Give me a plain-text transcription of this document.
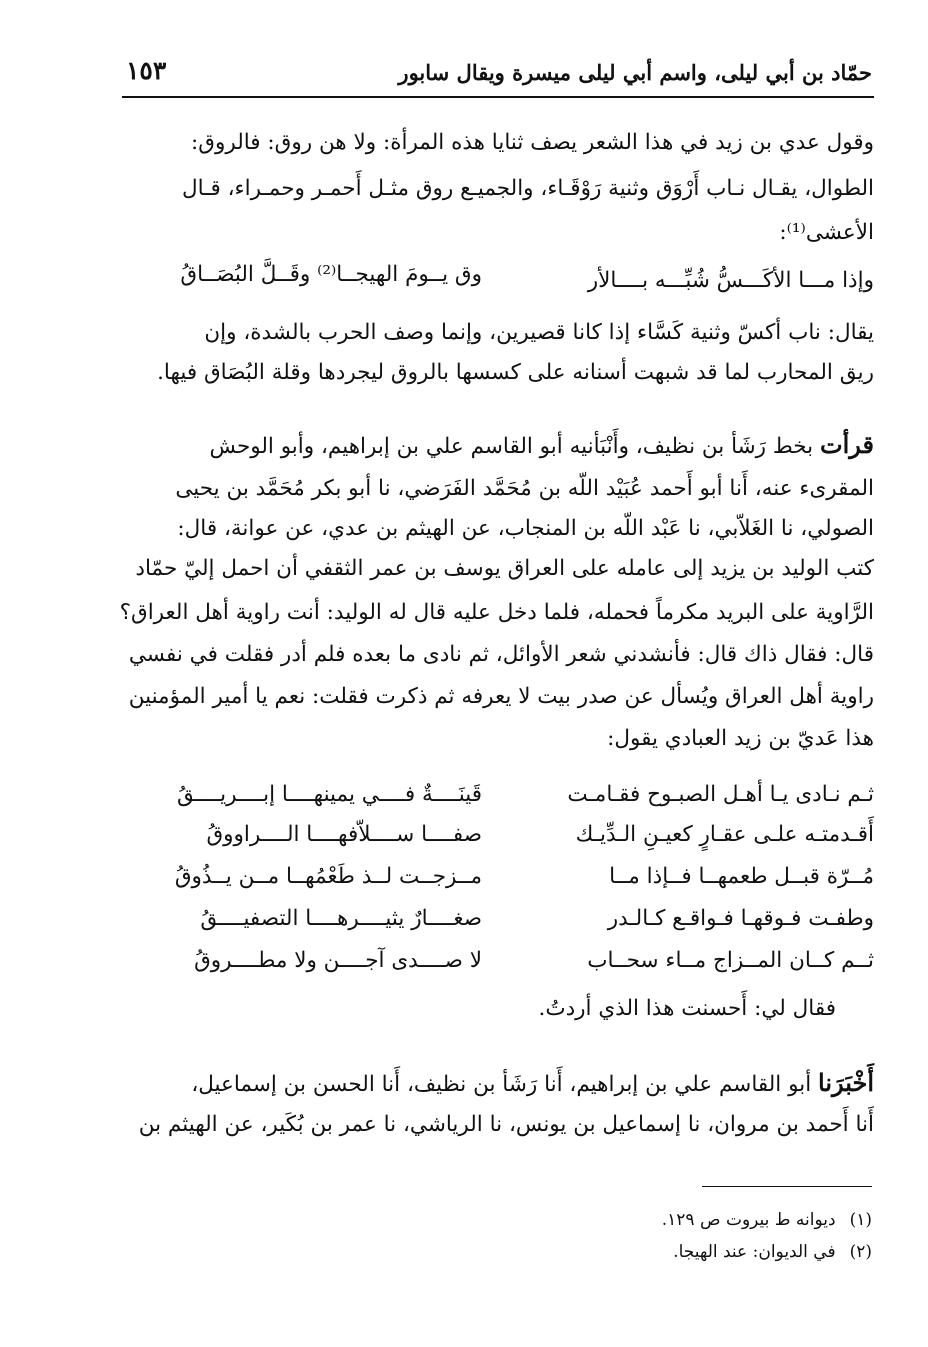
حمّاد بن أبي ليلى، واسم أبي ليلى ميسرة ويقال سابور
١٥٣
وقول عدي بن زيد في هذا الشعر يصف ثنايا هذه المرأة: ولا هن روق: فالروق:
الطوال، يقـال نـاب أَرْوَق وثنية رَوْقَـاء، والجميـع روق مثـل أَحمـر وحمـراء، قـال
الأعشى⁽¹⁾:
وإذا مـــا الأكَـــسُّ شُبِّـــه بــــالأر
وق يــومَ الهيجــا⁽²⁾ وقَــلَّ البُصَــاقُ
يقال: ناب أكسّ وثنية كَسَّاء إذا كانا قصيرين، وإنما وصف الحرب بالشدة، وإن
ريق المحارب لما قد شبهت أسنانه على كسسها بالروق ليجردها وقلة البُصَاق فيها.
قرأت بخط رَشَأ بن نظيف، وأَنْبَأنيه أبو القاسم علي بن إبراهيم، وأبو الوحش
المقرىء عنه، أَنا أبو أَحمد عُبَيْد اللّه بن مُحَمَّد الفَرَضي، نا أبو بكر مُحَمَّد بن يحيى
الصولي، نا الغَلاّبي، نا عَبْد اللّه بن المنجاب، عن الهيثم بن عدي، عن عوانة، قال:
كتب الوليد بن يزيد إلى عامله على العراق يوسف بن عمر الثقفي أن احمل إليّ حمّاد
الرَّاوية على البريد مكرماً فحمله، فلما دخل عليه قال له الوليد: أنت راوية أهل العراق؟
قال: فقال ذاك قال: فأنشدني شعر الأوائل، ثم نادى ما بعده فلم أدر فقلت في نفسي
راوية أهل العراق ويُسأل عن صدر بيت لا يعرفه ثم ذكرت فقلت: نعم يا أمير المؤمنين
هذا عَديّ بن زيد العبادي يقول:
ثـم نـادى يـا أهـل الصبـوح فقـامـت
قَينَــــةٌ فــــي يمينهــــا إبــــريــــقُ
أَقـدمتـه علـى عقـارٍ كعيـنِ الـدِّيـك
صفــــا ســــلاّفهــــا الــــراووقُ
مُــرّة قبــل طعمهــا فــإذا مــا
مــزجــت لــذ طَعْمُهــا مــن يــذُوقُ
وطفـت فـوقهـا فـواقـع كـالـدر
صغــــارٌ يثيــــرهــــا التصفيــــقُ
ثــم كــان المــزاج مــاء سحــاب
لا صــــدى آجــــن ولا مطــــروقُ
فقال لي: أَحسنت هذا الذي أردتُ.
أَخْبَرَنا أبو القاسم علي بن إبراهيم، أَنا رَشَأ بن نظيف، أَنا الحسن بن إسماعيل،
أَنا أَحمد بن مروان، نا إسماعيل بن يونس، نا الرياشي، نا عمر بن بُكَير، عن الهيثم بن
(١)ديوانه ط بيروت ص ١٢٩.
(٢)في الديوان: عند الهيجا.
